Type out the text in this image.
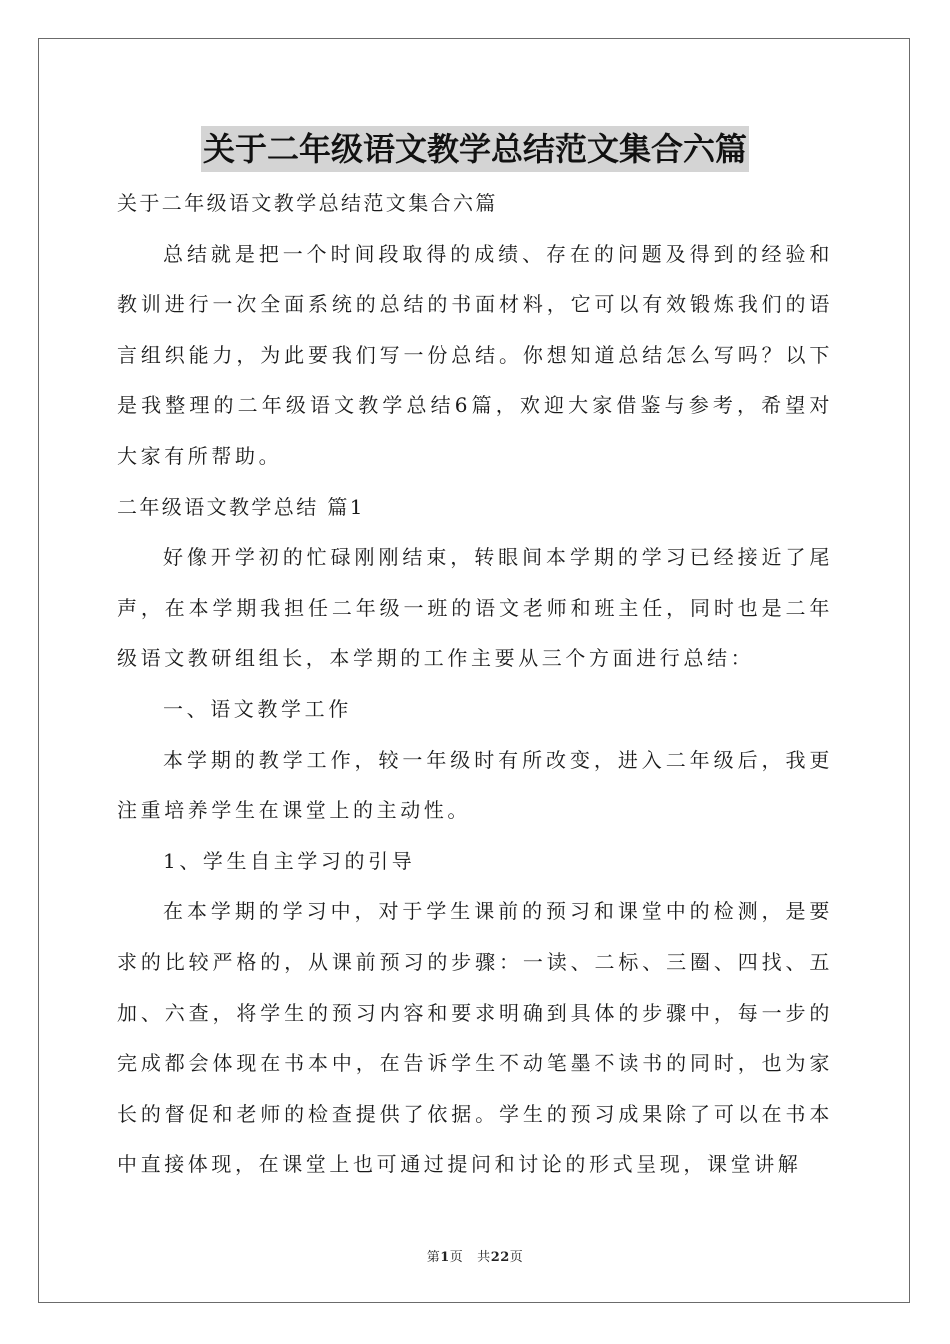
关于二年级语文教学总结范文集合六篇

关于二年级语文教学总结范文集合六篇

总结就是把一个时间段取得的成绩、存在的问题及得到的经验和教训进行一次全面系统的总结的书面材料，它可以有效锻炼我们的语言组织能力，为此要我们写一份总结。你想知道总结怎么写吗？以下是我整理的二年级语文教学总结6篇，欢迎大家借鉴与参考，希望对大家有所帮助。

二年级语文教学总结 篇1

好像开学初的忙碌刚刚结束，转眼间本学期的学习已经接近了尾声，在本学期我担任二年级一班的语文老师和班主任，同时也是二年级语文教研组组长，本学期的工作主要从三个方面进行总结：

一、语文教学工作

本学期的教学工作，较一年级时有所改变，进入二年级后，我更注重培养学生在课堂上的主动性。

1、学生自主学习的引导

在本学期的学习中，对于学生课前的预习和课堂中的检测，是要求的比较严格的，从课前预习的步骤：一读、二标、三圈、四找、五加、六查，将学生的预习内容和要求明确到具体的步骤中，每一步的完成都会体现在书本中，在告诉学生不动笔墨不读书的同时，也为家长的督促和老师的检查提供了依据。学生的预习成果除了可以在书本中直接体现，在课堂上也可通过提问和讨论的形式呈现，课堂讲解

第1页 共22页
